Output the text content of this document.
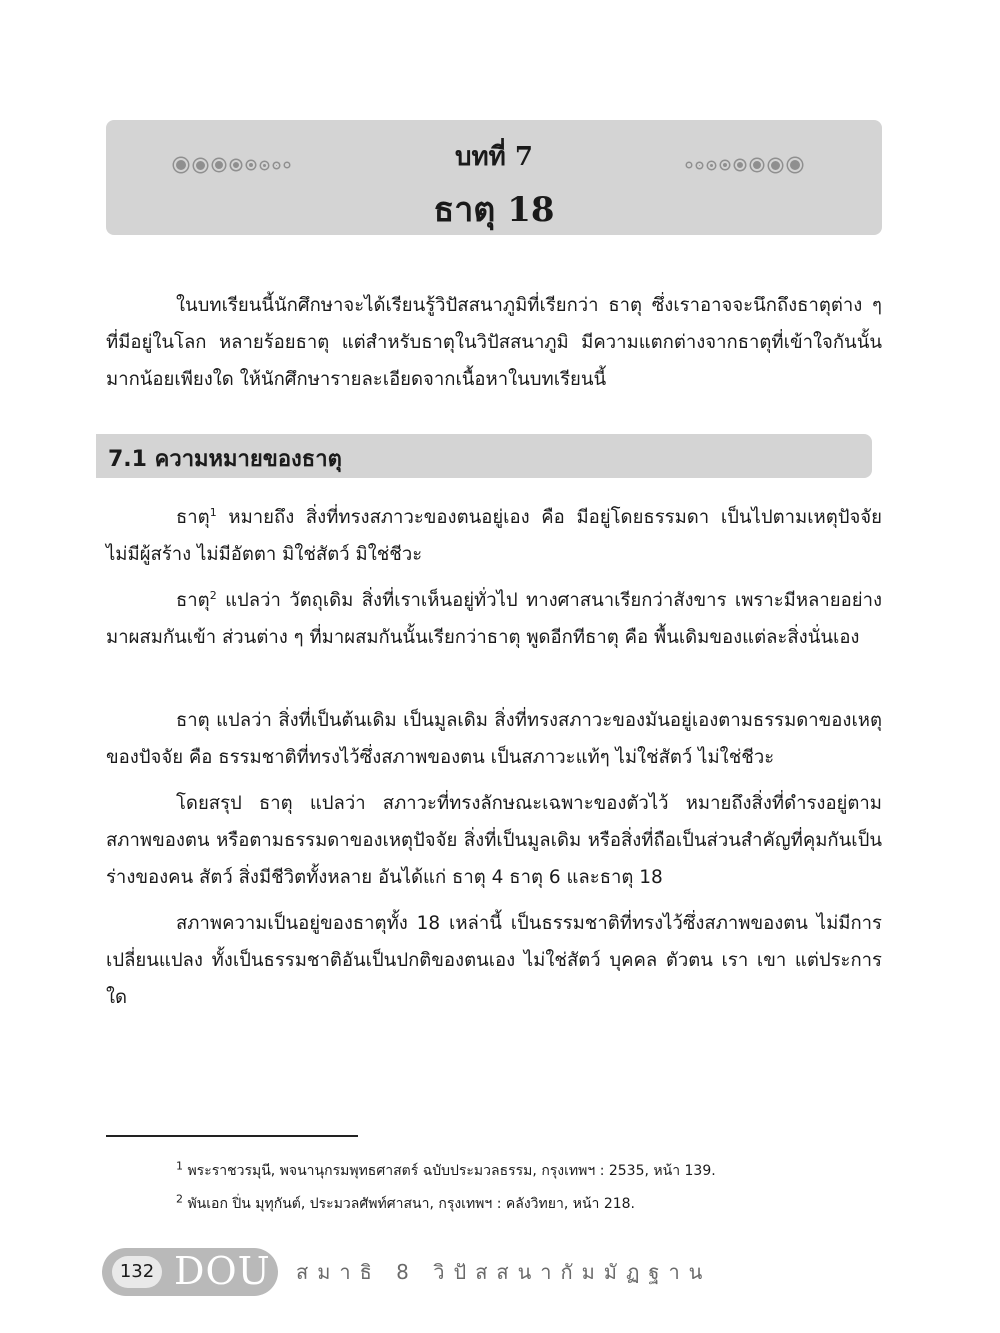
บทที่ 7
ธาตุ 18

ในบทเรียนนี้นักศึกษาจะได้เรียนรู้วิปัสสนาภูมิที่เรียกว่า ธาตุ ซึ่งเราอาจจะนึกถึงธาตุต่าง ๆ ที่มีอยู่ในโลก หลายร้อยธาตุ แต่สำหรับธาตุในวิปัสสนาภูมิ มีความแตกต่างจากธาตุที่เข้าใจกันนั้นมากน้อยเพียงใด ให้นักศึกษารายละเอียดจากเนื้อหาในบทเรียนนี้

7.1 ความหมายของธาตุ

ธาตุ$^1$ หมายถึง สิ่งที่ทรงสภาวะของตนอยู่เอง คือ มีอยู่โดยธรรมดา เป็นไปตามเหตุปัจจัย ไม่มีผู้สร้าง ไม่มีอัตตา มิใช่สัตว์ มิใช่ชีวะ

ธาตุ$^2$ แปลว่า วัตถุเดิม สิ่งที่เราเห็นอยู่ทั่วไป ทางศาสนาเรียกว่าสังขาร เพราะมีหลายอย่างมาผสมกันเข้า ส่วนต่าง ๆ ที่มาผสมกันนั้นเรียกว่าธาตุ พูดอีกทีธาตุ คือ พื้นเดิมของแต่ละสิ่งนั่นเอง

ธาตุ แปลว่า สิ่งที่เป็นต้นเดิม เป็นมูลเดิม สิ่งที่ทรงสภาวะของมันอยู่เองตามธรรมดาของเหตุของปัจจัย คือ ธรรมชาติที่ทรงไว้ซึ่งสภาพของตน เป็นสภาวะแท้ๆ ไม่ใช่สัตว์ ไม่ใช่ชีวะ

โดยสรุป ธาตุ แปลว่า สภาวะที่ทรงลักษณะเฉพาะของตัวไว้ หมายถึงสิ่งที่ดำรงอยู่ตามสภาพของตน หรือตามธรรมดาของเหตุปัจจัย สิ่งที่เป็นมูลเดิม หรือสิ่งที่ถือเป็นส่วนสำคัญที่คุมกันเป็นร่างของคน สัตว์ สิ่งมีชีวิตทั้งหลาย อันได้แก่ ธาตุ 4 ธาตุ 6 และธาตุ 18

สภาพความเป็นอยู่ของธาตุทั้ง 18 เหล่านี้ เป็นธรรมชาติที่ทรงไว้ซึ่งสภาพของตน ไม่มีการเปลี่ยนแปลง ทั้งเป็นธรรมชาติอันเป็นปกติของตนเอง ไม่ใช่สัตว์ บุคคล ตัวตน เรา เขา แต่ประการใด

$^1$ พระราชวรมุนี, พจนานุกรมพุทธศาสตร์ ฉบับประมวลธรรม, กรุงเทพฯ : 2535, หน้า 139.
$^2$ พันเอก ปิ่น มุทุกันต์, ประมวลศัพท์ศาสนา, กรุงเทพฯ : คลังวิทยา, หน้า 218.
132 DOU สมาธิ 8 วิปัสสนากัมมัฏฐาน
